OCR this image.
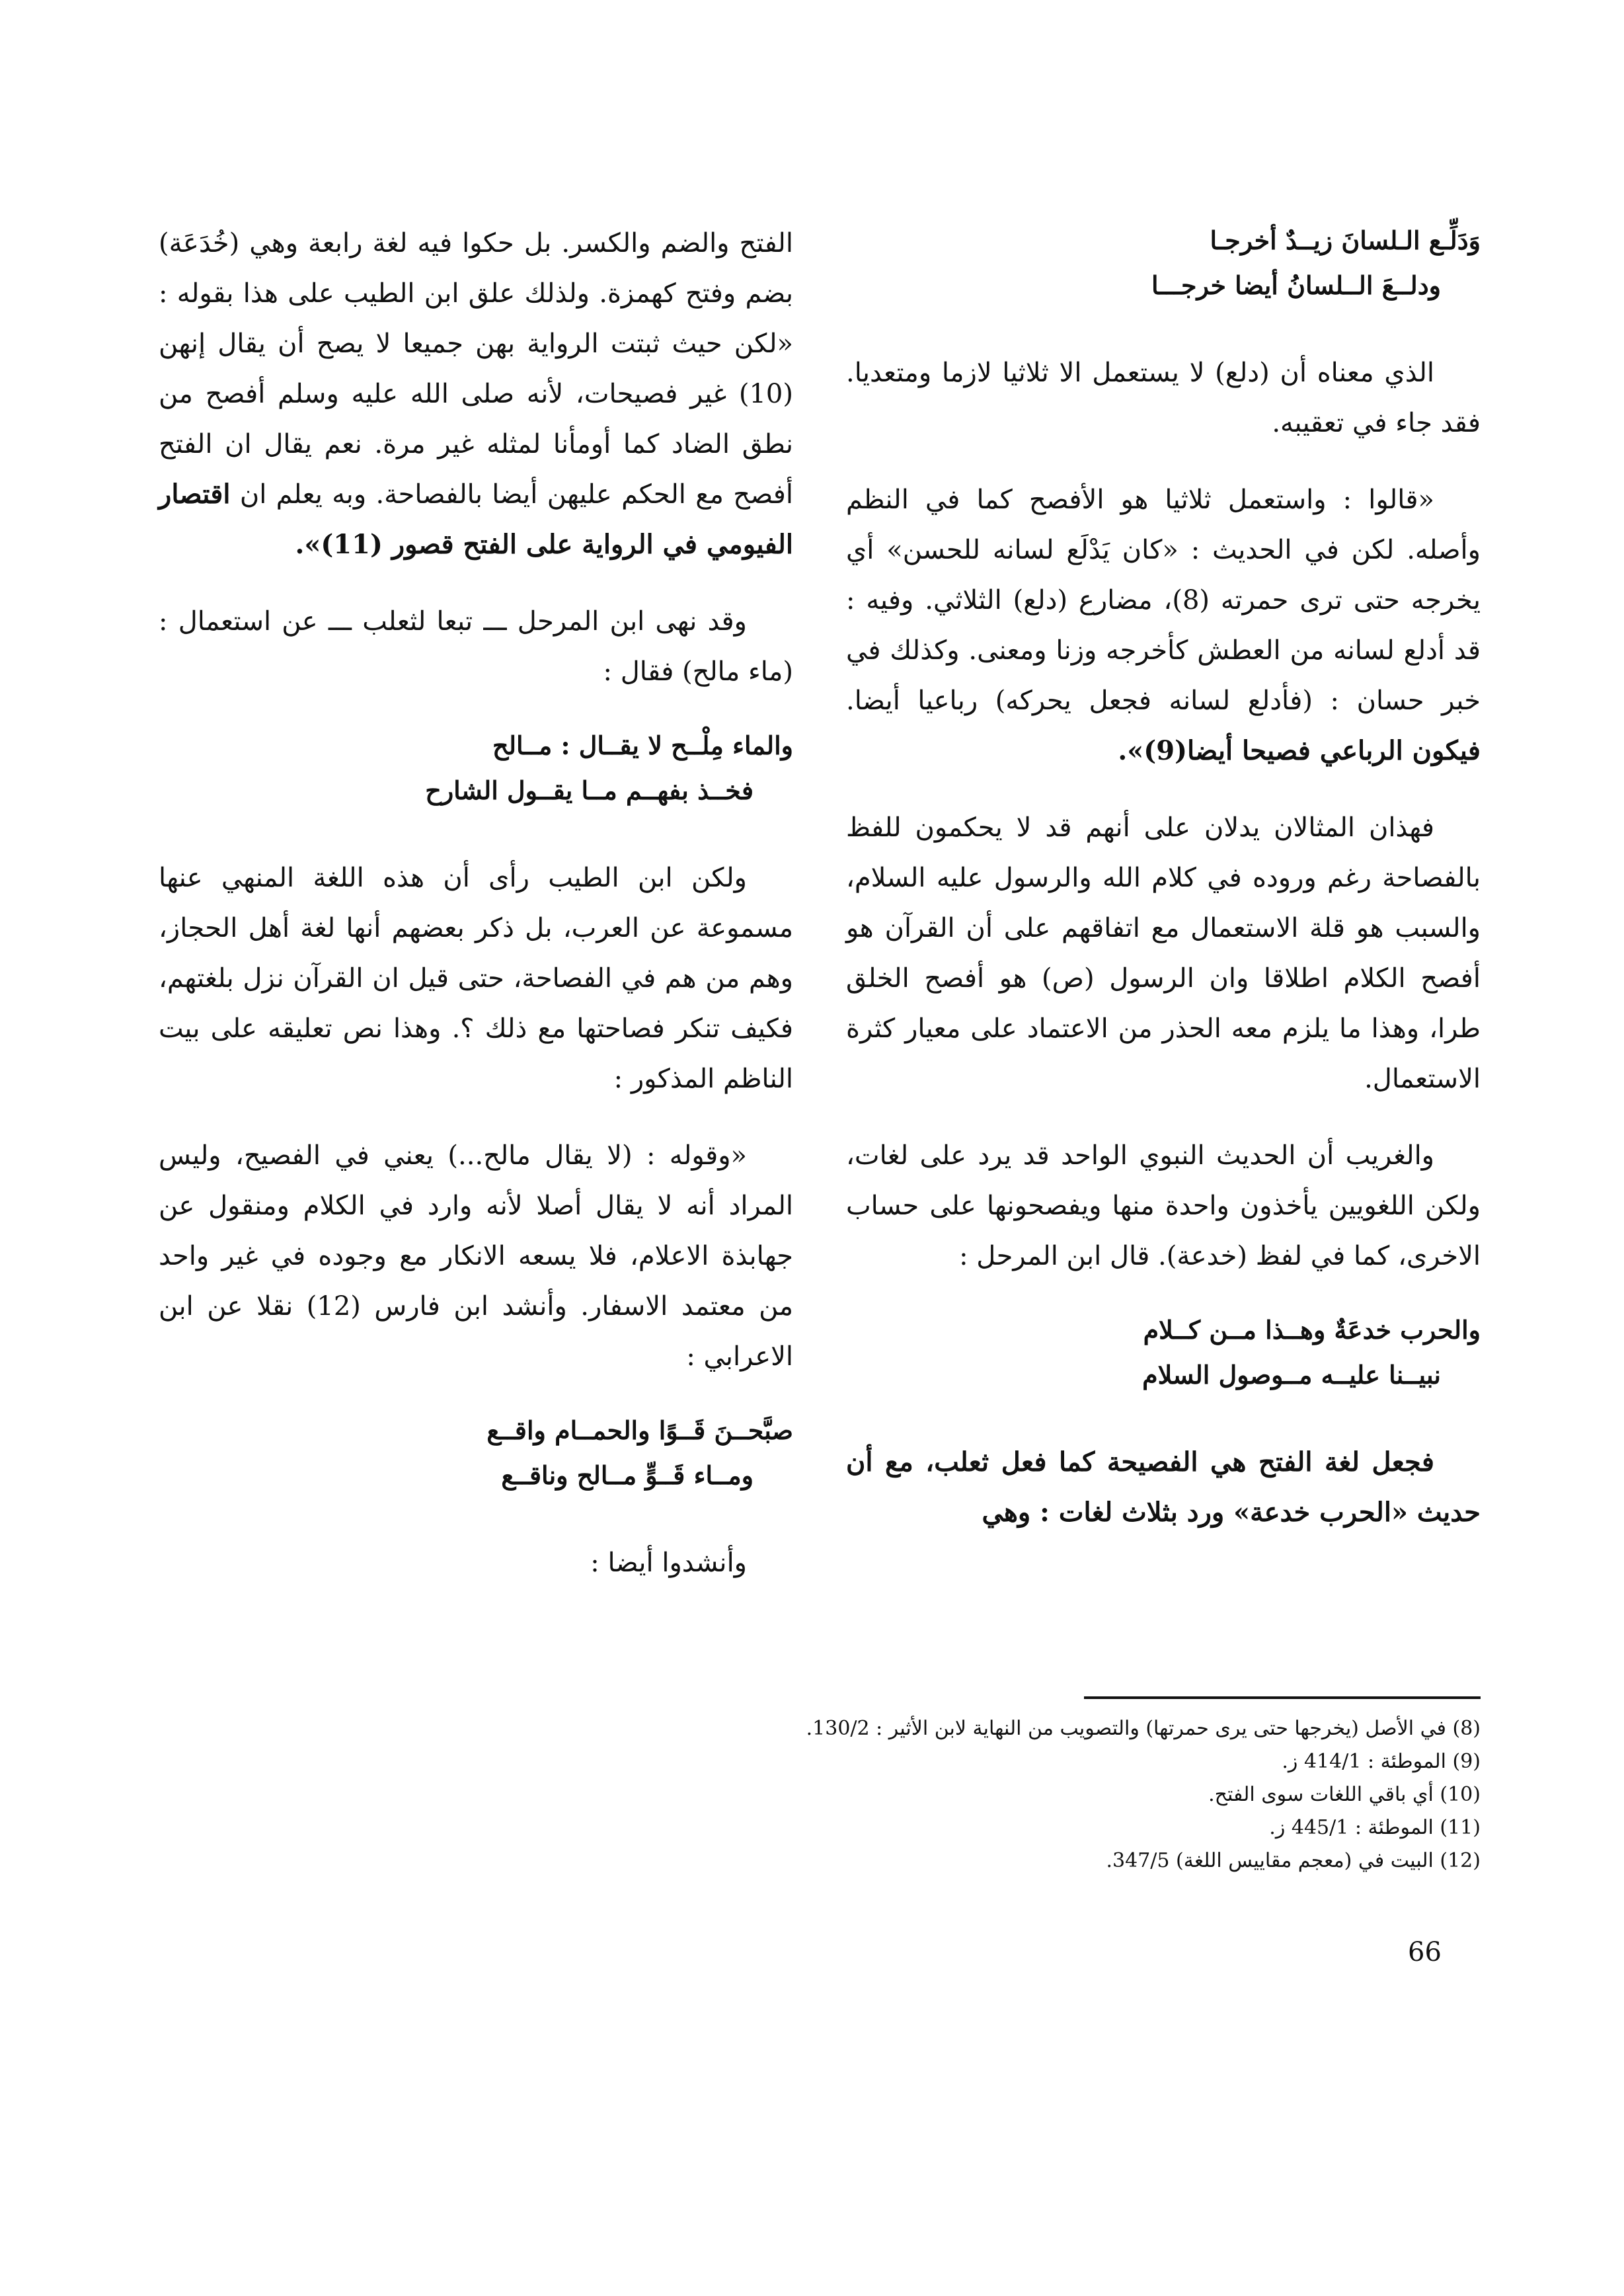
وَدَلِّـع الـلسانَ زيــدٌ أخرجـا
ودلــعَ الــلسانُ أيضا خرجـــا

الذي معناه أن (دلع) لا يستعمل الا ثلاثيا لازما ومتعديا. فقد جاء في تعقيبه.

«قالوا : واستعمل ثلاثيا هو الأفصح كما في النظم وأصله. لكن في الحديث : «كان يَدْلَع لسانه للحسن» أي يخرجه حتى ترى حمرته (8)، مضارع (دلع) الثلاثي. وفيه : قد أدلع لسانه من العطش كأخرجه وزنا ومعنى. وكذلك في خبر حسان : (فأدلع لسانه فجعل يحركه) رباعيا أيضا. فيكون الرباعي فصيحا أيضا(9)».

فهذان المثالان يدلان على أنهم قد لا يحكمون للفظ بالفصاحة رغم وروده في كلام الله والرسول عليه السلام، والسبب هو قلة الاستعمال مع اتفاقهم على أن القرآن هو أفصح الكلام اطلاقا وان الرسول (ص) هو أفصح الخلق طرا، وهذا ما يلزم معه الحذر من الاعتماد على معيار كثرة الاستعمال.

والغريب أن الحديث النبوي الواحد قد يرد على لغات، ولكن اللغويين يأخذون واحدة منها ويفصحونها على حساب الاخرى، كما في لفظ (خدعة). قال ابن المرحل :

والحرب خدعَةٌ وهــذا مــن كــلام
نبيــنا عليــه مــوصول السلام

فجعل لغة الفتح هي الفصيحة كما فعل ثعلب، مع أن حديث «الحرب خدعة» ورد بثلاث لغات : وهي

الفتح والضم والكسر. بل حكوا فيه لغة رابعة وهي (خُدَعَة) بضم وفتح كهمزة. ولذلك علق ابن الطيب على هذا بقوله : «لكن حيث ثبتت الرواية بهن جميعا لا يصح أن يقال إنهن (10) غير فصيحات، لأنه صلى الله عليه وسلم أفصح من نطق الضاد كما أومأنا لمثله غير مرة. نعم يقال ان الفتح أفصح مع الحكم عليهن أيضا بالفصاحة. وبه يعلم ان اقتصار الفيومي في الرواية على الفتح قصور (11)».

وقد نهى ابن المرحل ـــ تبعا لثعلب ـــ عن استعمال : (ماء مالح) فقال :

والماء مِلْــح لا يقــال : مــالح
فخــذ بفهــم مــا يقــول الشارح

ولكن ابن الطيب رأى أن هذه اللغة المنهي عنها مسموعة عن العرب، بل ذكر بعضهم أنها لغة أهل الحجاز، وهم من هم في الفصاحة، حتى قيل ان القرآن نزل بلغتهم، فكيف تنكر فصاحتها مع ذلك ؟. وهذا نص تعليقه على بيت الناظم المذكور :

«وقوله : (لا يقال مالح...) يعني في الفصيح، وليس المراد أنه لا يقال أصلا لأنه وارد في الكلام ومنقول عن جهابذة الاعلام، فلا يسعه الانكار مع وجوده في غير واحد من معتمد الاسفار. وأنشد ابن فارس (12) نقلا عن ابن الاعرابي :

صبَّحــنَ قَــوًا والحمــام واقــع
ومــاء قَــوٍّ مــالح وناقــع

وأنشدوا أيضا :

(8) في الأصل (يخرجها حتى يرى حمرتها) والتصويب من النهاية لابن الأثير : 130/2.

(9) الموطئة : 414/1 ز.

(10) أي باقي اللغات سوى الفتح.

(11) الموطئة : 445/1 ز.

(12) البيت في (معجم مقاييس اللغة) 347/5.

66
